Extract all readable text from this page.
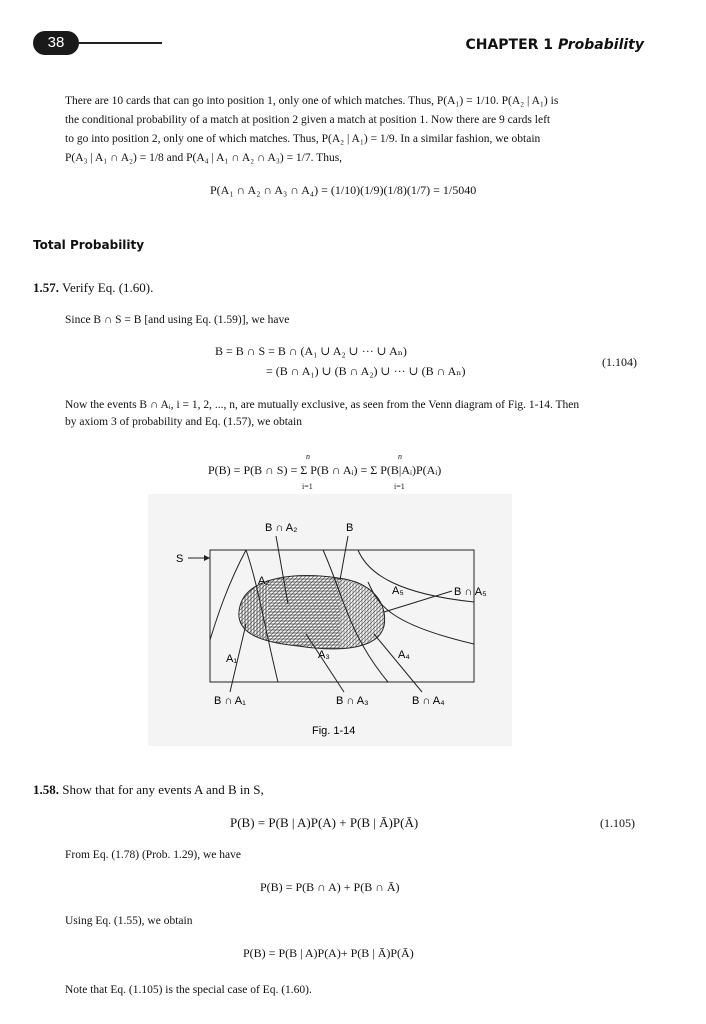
38	CHAPTER 1 Probability
There are 10 cards that can go into position 1, only one of which matches. Thus, P(A₁) = 1/10. P(A₂ | A₁) is
the conditional probability of a match at position 2 given a match at position 1. Now there are 9 cards left
to go into position 2, only one of which matches. Thus, P(A₂ | A₁) = 1/9. In a similar fashion, we obtain
P(A₃ | A₁ ∩ A₂) = 1/8 and P(A₄ | A₁ ∩ A₂ ∩ A₃) = 1/7. Thus,
P(A₁ ∩ A₂ ∩ A₃ ∩ A₄) = (1/10)(1/9)(1/8)(1/7) = 1/5040
Total Probability
1.57. Verify Eq. (1.60).
Since B ∩ S = B [and using Eq. (1.59)], we have
B = B ∩ S = B ∩ (A₁ ∪ A₂ ∪ ··· ∪ Aₙ)
= (B ∩ A₁) ∪ (B ∩ A₂) ∪ ··· ∪ (B ∩ Aₙ)
(1.104)
Now the events B ∩ Aᵢ, i = 1, 2, ..., n, are mutually exclusive, as seen from the Venn diagram of Fig. 1-14. Then
by axiom 3 of probability and Eq. (1.57), we obtain
P(B) = P(B ∩ S) = Σ P(B ∩ Aᵢ) = Σ P(B|Aᵢ)P(Aᵢ)
n
i=1
n
i=1
S
B ∩ A₂	B
A₂
A₅	B ∩ A₅
A₁	A₃	A₄
B ∩ A₁	B ∩ A₃	B ∩ A₄
Fig. 1-14
1.58. Show that for any events A and B in S,
P(B) = P(B | A)P(A) + P(B | Ā)P(Ā)	(1.105)
From Eq. (1.78) (Prob. 1.29), we have
P(B) = P(B ∩ A) + P(B ∩ Ā)
Using Eq. (1.55), we obtain
P(B) = P(B | A)P(A)+ P(B | Ā)P(Ā)
Note that Eq. (1.105) is the special case of Eq. (1.60).
